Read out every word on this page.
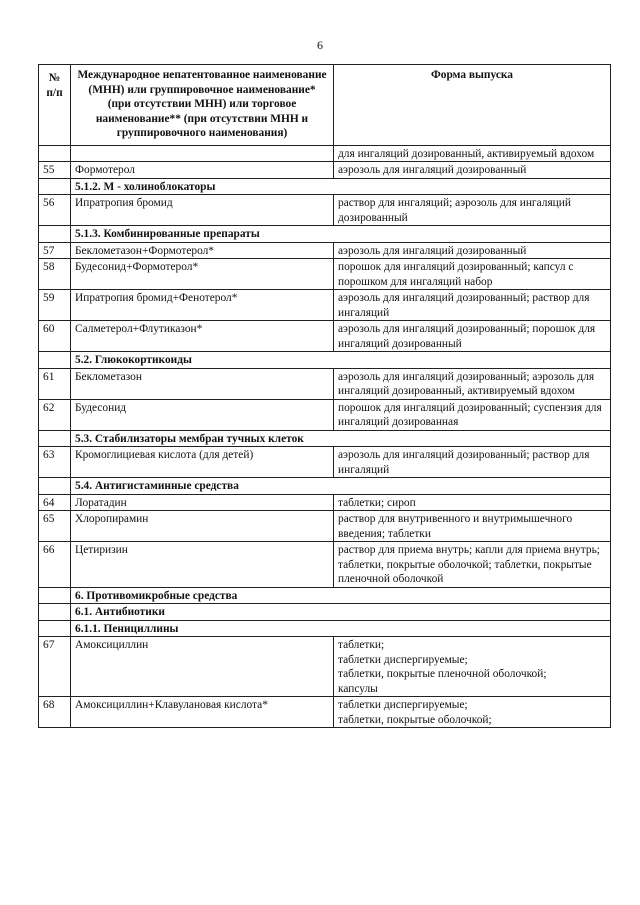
6
№
п/п	Международное непатентованное наименование (МНН) или группировочное наименование*(при отсутствии МНН) или торговое наименование** (при отсутствии МНН и группировочного наименования)	Форма выпуска
		для ингаляций дозированный, активируемый вдохом
55	Формотерол	аэрозоль для ингаляций дозированный
	5.1.2. М - холиноблокаторы	
56	Ипратропия бромид	раствор для ингаляций; аэрозоль для ингаляций дозированный
	5.1.3. Комбинированные препараты	
57	Беклометазон+Формотерол*	аэрозоль для ингаляций дозированный
58	Будесонид+Формотерол*	порошок для ингаляций дозированный; капсул с порошком для ингаляций набор
59	Ипратропия бромид+Фенотерол*	аэрозоль для ингаляций дозированный; раствор для ингаляций
60	Салметерол+Флутиказон*	аэрозоль для ингаляций дозированный; порошок для ингаляций дозированный
	5.2. Глюкокортикоиды	
61	Беклометазон	аэрозоль для ингаляций дозированный; аэрозоль для ингаляций дозированный, активируемый вдохом
62	Будесонид	порошок для ингаляций дозированный; суспензия для ингаляций дозированная
	5.3. Стабилизаторы мембран тучных клеток	
63	Кромоглициевая кислота (для детей)	аэрозоль для ингаляций дозированный; раствор для ингаляций
	5.4. Антигистаминные средства	
64	Лоратадин	таблетки; сироп
65	Хлоропирамин	раствор для внутривенного и внутримышечного введения; таблетки
66	Цетиризин	раствор для приема внутрь; капли для приема внутрь; таблетки, покрытые оболочкой; таблетки, покрытые пленочной оболочкой
	6. Противомикробные средства	
	6.1. Антибиотики	
	6.1.1. Пенициллины	
67	Амоксициллин	таблетки;
таблетки диспергируемые;
таблетки, покрытые пленочной оболочкой;
капсулы
68	Амоксициллин+Клавулановая кислота*	таблетки диспергируемые;
таблетки, покрытые оболочкой;
